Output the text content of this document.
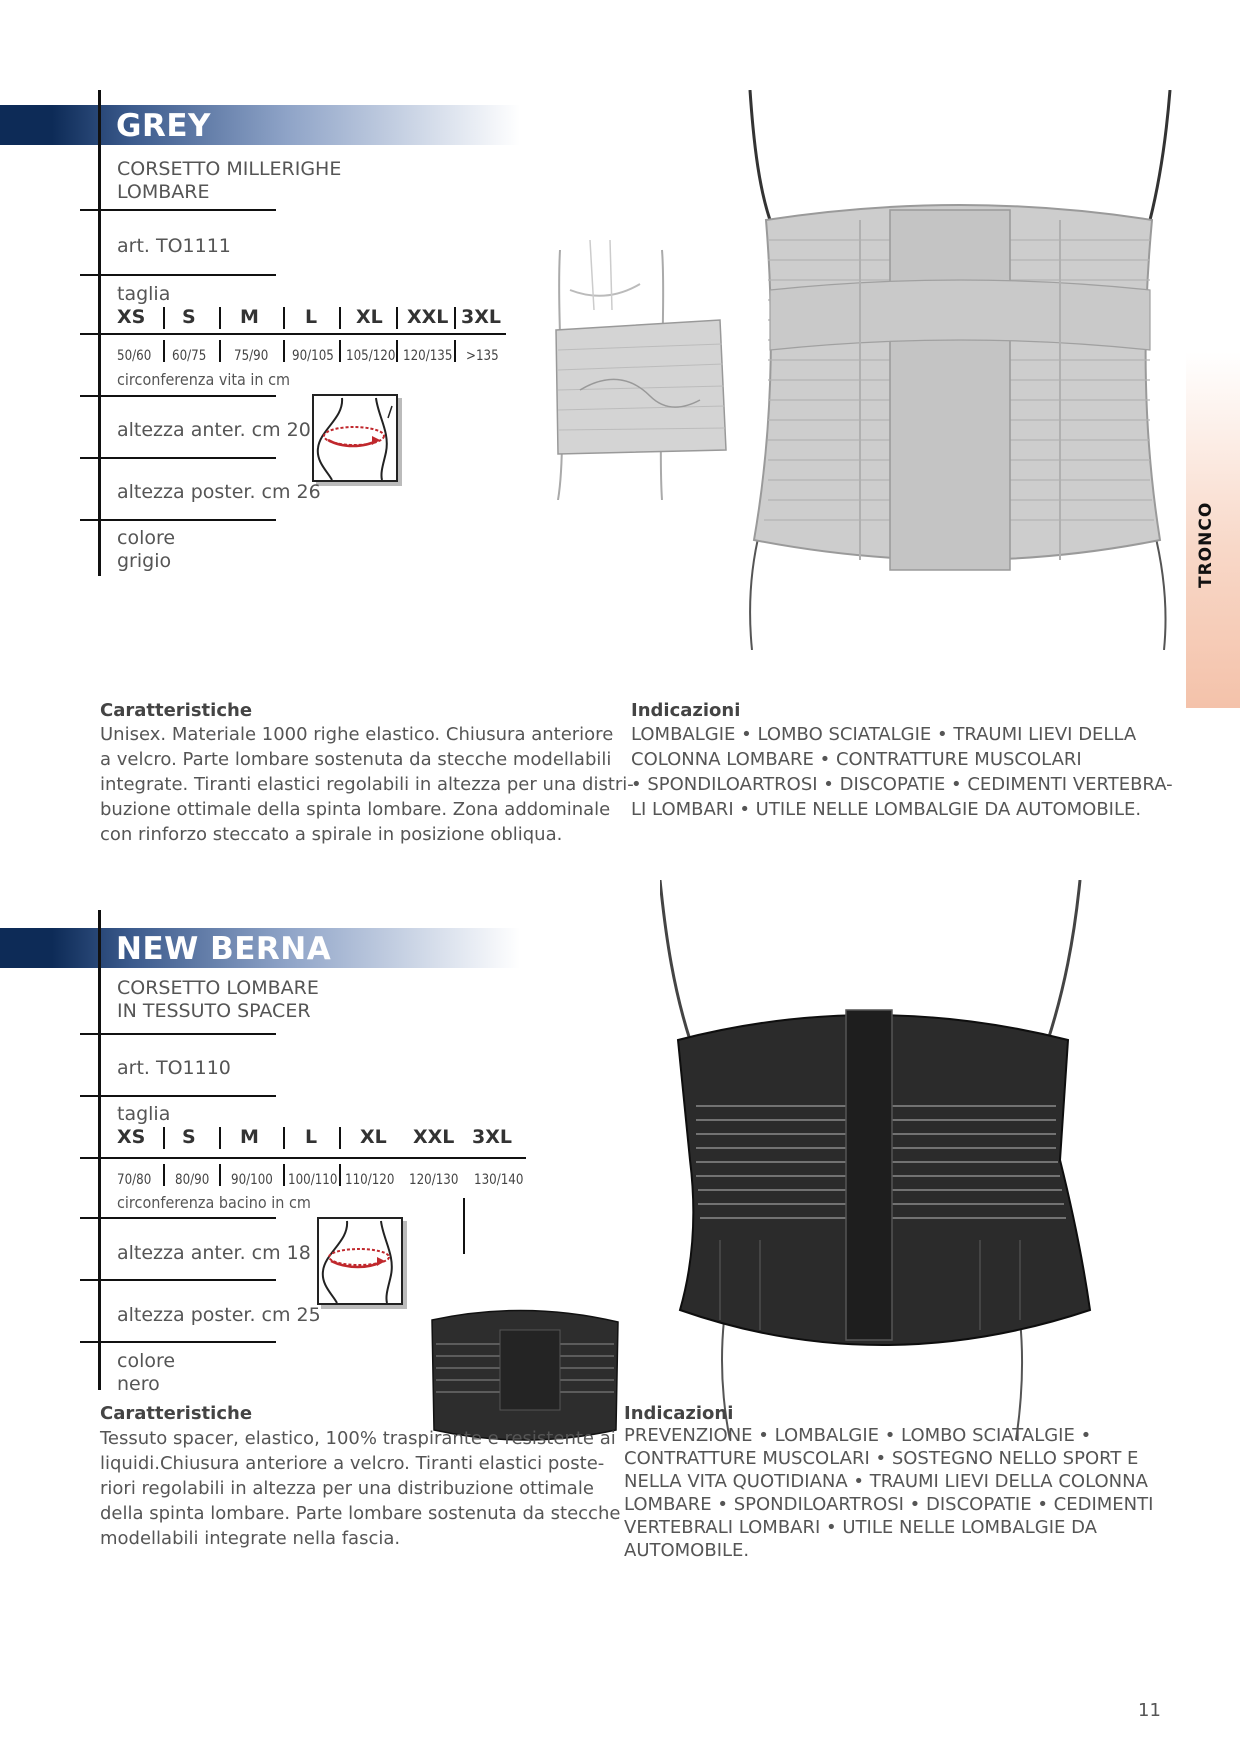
GREY
CORSETTO MILLERIGHE
LOMBARE
art. TO1111
taglia
XS S M L XL XXL 3XL
50/60 60/75 75/90 90/105 105/120 120/135 >135
circonferenza vita in cm
altezza anter. cm 20
altezza poster. cm 26
colore
grigio
Caratteristiche
Unisex. Materiale 1000 righe elastico. Chiusura anteriore
a velcro. Parte lombare sostenuta da stecche modellabili
integrate. Tiranti elastici regolabili in altezza per una distri-
buzione ottimale della spinta lombare. Zona addominale
con rinforzo steccato a spirale in posizione obliqua.
Indicazioni
LOMBALGIE • LOMBO SCIATALGIE • TRAUMI LIEVI DELLA
COLONNA LOMBARE • CONTRATTURE MUSCOLARI
• SPONDILOARTROSI • DISCOPATIE • CEDIMENTI VERTEBRA-
LI LOMBARI • UTILE NELLE LOMBALGIE DA AUTOMOBILE.
NEW BERNA
CORSETTO LOMBARE
IN TESSUTO SPACER
art. TO1110
taglia
XS S M L XL XXL 3XL
70/80 80/90 90/100 100/110 110/120 120/130 130/140
circonferenza bacino in cm
altezza anter. cm 18
altezza poster. cm 25
colore
nero
Caratteristiche
Tessuto spacer, elastico, 100% traspirante e resistente ai
liquidi.Chiusura anteriore a velcro. Tiranti elastici poste-
riori regolabili in altezza per una distribuzione ottimale
della spinta lombare. Parte lombare sostenuta da stecche
modellabili integrate nella fascia.
Indicazioni
PREVENZIONE • LOMBALGIE • LOMBO SCIATALGIE •
CONTRATTURE MUSCOLARI • SOSTEGNO NELLO SPORT E
NELLA VITA QUOTIDIANA • TRAUMI LIEVI DELLA COLONNA
LOMBARE • SPONDILOARTROSI • DISCOPATIE • CEDIMENTI
VERTEBRALI LOMBARI • UTILE NELLE LOMBALGIE DA
AUTOMOBILE.
TRONCO
11
